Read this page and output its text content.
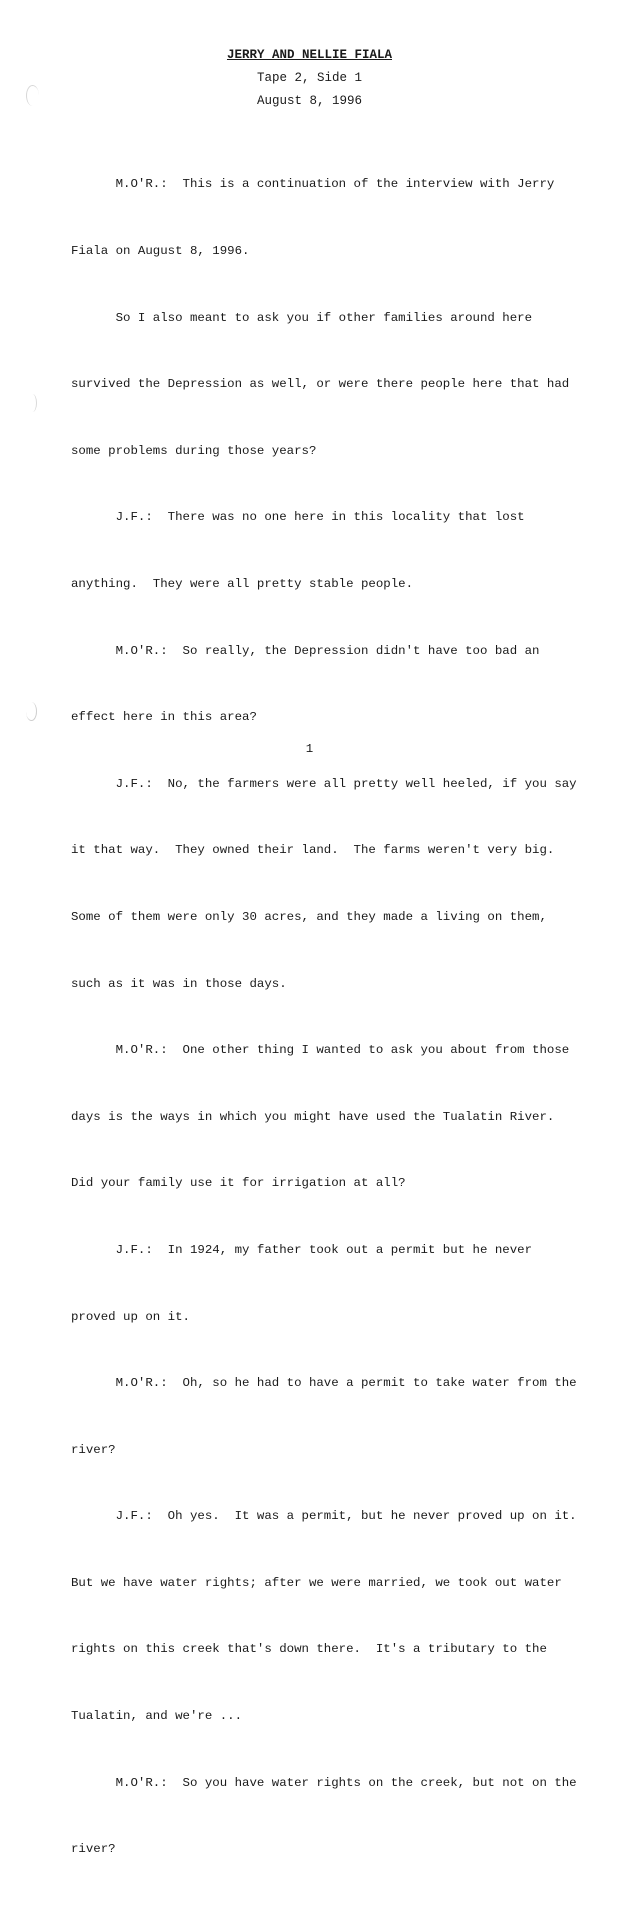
JERRY AND NELLIE FIALA
Tape 2, Side 1
August 8, 1996

M.O'R.:  This is a continuation of the interview with Jerry

Fiala on August 8, 1996.

So I also meant to ask you if other families around here

survived the Depression as well, or were there people here that had

some problems during those years?

J.F.:  There was no one here in this locality that lost

anything.  They were all pretty stable people.

M.O'R.:  So really, the Depression didn't have too bad an

effect here in this area?

J.F.:  No, the farmers were all pretty well heeled, if you say

it that way.  They owned their land.  The farms weren't very big.

Some of them were only 30 acres, and they made a living on them,

such as it was in those days.

M.O'R.:  One other thing I wanted to ask you about from those

days is the ways in which you might have used the Tualatin River.

Did your family use it for irrigation at all?

J.F.:  In 1924, my father took out a permit but he never

proved up on it.

M.O'R.:  Oh, so he had to have a permit to take water from the

river?

J.F.:  Oh yes.  It was a permit, but he never proved up on it.

But we have water rights; after we were married, we took out water

rights on this creek that's down there.  It's a tributary to the

Tualatin, and we're ...

M.O'R.:  So you have water rights on the creek, but not on the

river?

1
